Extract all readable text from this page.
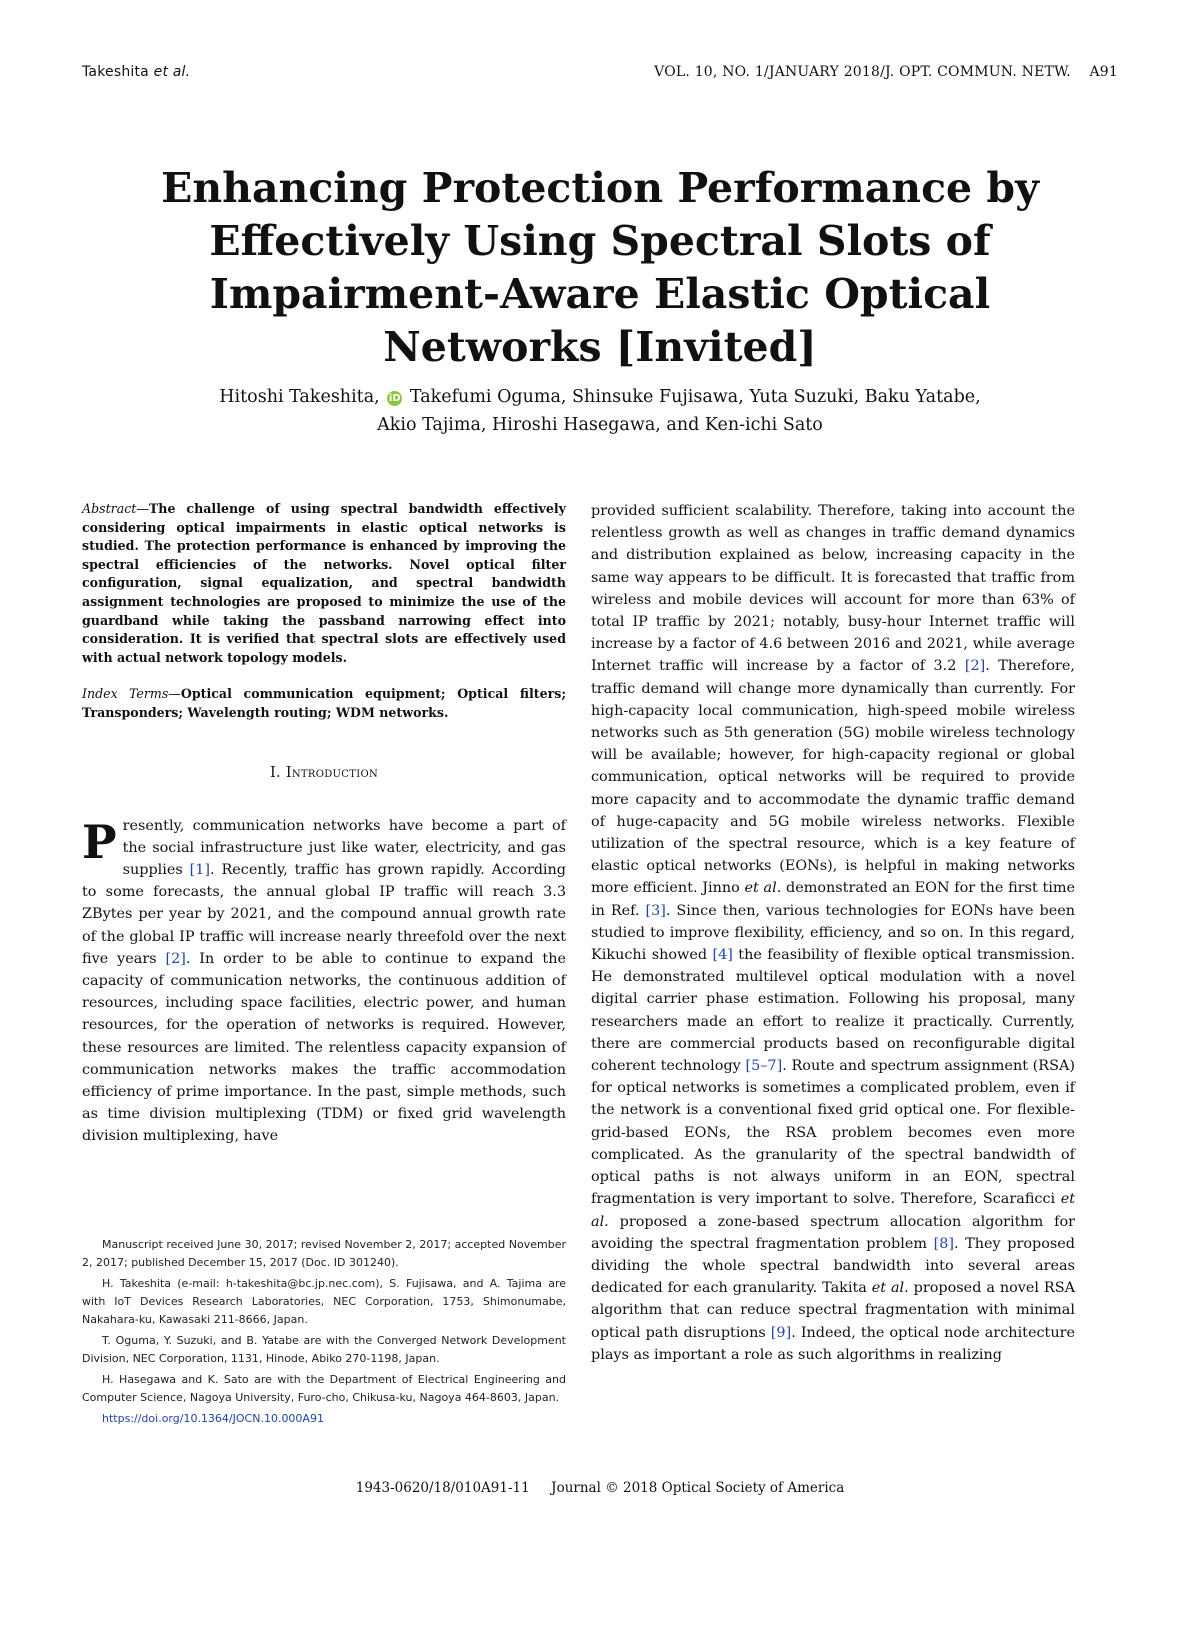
Takeshita et al.	VOL. 10, NO. 1/JANUARY 2018/J. OPT. COMMUN. NETW. A91
Enhancing Protection Performance by Effectively Using Spectral Slots of Impairment-Aware Elastic Optical Networks [Invited]
Hitoshi Takeshita, iD Takefumi Oguma, Shinsuke Fujisawa, Yuta Suzuki, Baku Yatabe,
Akio Tajima, Hiroshi Hasegawa, and Ken-ichi Sato

Abstract—The challenge of using spectral bandwidth effectively considering optical impairments in elastic optical networks is studied. The protection performance is enhanced by improving the spectral efficiencies of the networks. Novel optical filter configuration, signal equalization, and spectral bandwidth assignment technologies are proposed to minimize the use of the guardband while taking the passband narrowing effect into consideration. It is verified that spectral slots are effectively used with actual network topology models.

Index Terms—Optical communication equipment; Optical filters; Transponders; Wavelength routing; WDM networks.

I. Introduction

Presently, communication networks have become a part of the social infrastructure just like water, electricity, and gas supplies [1]. Recently, traffic has grown rapidly. According to some forecasts, the annual global IP traffic will reach 3.3 ZBytes per year by 2021, and the compound annual growth rate of the global IP traffic will increase nearly threefold over the next five years [2]. In order to be able to continue to expand the capacity of communication networks, the continuous addition of resources, including space facilities, electric power, and human resources, for the operation of networks is required. However, these resources are limited. The relentless capacity expansion of communication networks makes the traffic accommodation efficiency of prime importance. In the past, simple methods, such as time division multiplexing (TDM) or fixed grid wavelength division multiplexing, have

provided sufficient scalability. Therefore, taking into account the relentless growth as well as changes in traffic demand dynamics and distribution explained as below, increasing capacity in the same way appears to be difficult. It is forecasted that traffic from wireless and mobile devices will account for more than 63% of total IP traffic by 2021; notably, busy-hour Internet traffic will increase by a factor of 4.6 between 2016 and 2021, while average Internet traffic will increase by a factor of 3.2 [2]. Therefore, traffic demand will change more dynamically than currently. For high-capacity local communication, high-speed mobile wireless networks such as 5th generation (5G) mobile wireless technology will be available; however, for high-capacity regional or global communication, optical networks will be required to provide more capacity and to accommodate the dynamic traffic demand of huge-capacity and 5G mobile wireless networks. Flexible utilization of the spectral resource, which is a key feature of elastic optical networks (EONs), is helpful in making networks more efficient. Jinno et al. demonstrated an EON for the first time in Ref. [3]. Since then, various technologies for EONs have been studied to improve flexibility, efficiency, and so on. In this regard, Kikuchi showed [4] the feasibility of flexible optical transmission. He demonstrated multilevel optical modulation with a novel digital carrier phase estimation. Following his proposal, many researchers made an effort to realize it practically. Currently, there are commercial products based on reconfigurable digital coherent technology [5–7]. Route and spectrum assignment (RSA) for optical networks is sometimes a complicated problem, even if the network is a conventional fixed grid optical one. For flexible-grid-based EONs, the RSA problem becomes even more complicated. As the granularity of the spectral bandwidth of optical paths is not always uniform in an EON, spectral fragmentation is very important to solve. Therefore, Scaraficci et al. proposed a zone-based spectrum allocation algorithm for avoiding the spectral fragmentation problem [8]. They proposed dividing the whole spectral bandwidth into several areas dedicated for each granularity. Takita et al. proposed a novel RSA algorithm that can reduce spectral fragmentation with minimal optical path disruptions [9]. Indeed, the optical node architecture plays as important a role as such algorithms in realizing

Manuscript received June 30, 2017; revised November 2, 2017; accepted November 2, 2017; published December 15, 2017 (Doc. ID 301240).

H. Takeshita (e-mail: h-takeshita@bc.jp.nec.com), S. Fujisawa, and A. Tajima are with IoT Devices Research Laboratories, NEC Corporation, 1753, Shimonumabe, Nakahara-ku, Kawasaki 211-8666, Japan.

T. Oguma, Y. Suzuki, and B. Yatabe are with the Converged Network Development Division, NEC Corporation, 1131, Hinode, Abiko 270-1198, Japan.

H. Hasegawa and K. Sato are with the Department of Electrical Engineering and Computer Science, Nagoya University, Furo-cho, Chikusa-ku, Nagoya 464-8603, Japan.

https://doi.org/10.1364/JOCN.10.000A91

1943-0620/18/010A91-11     Journal © 2018 Optical Society of America
